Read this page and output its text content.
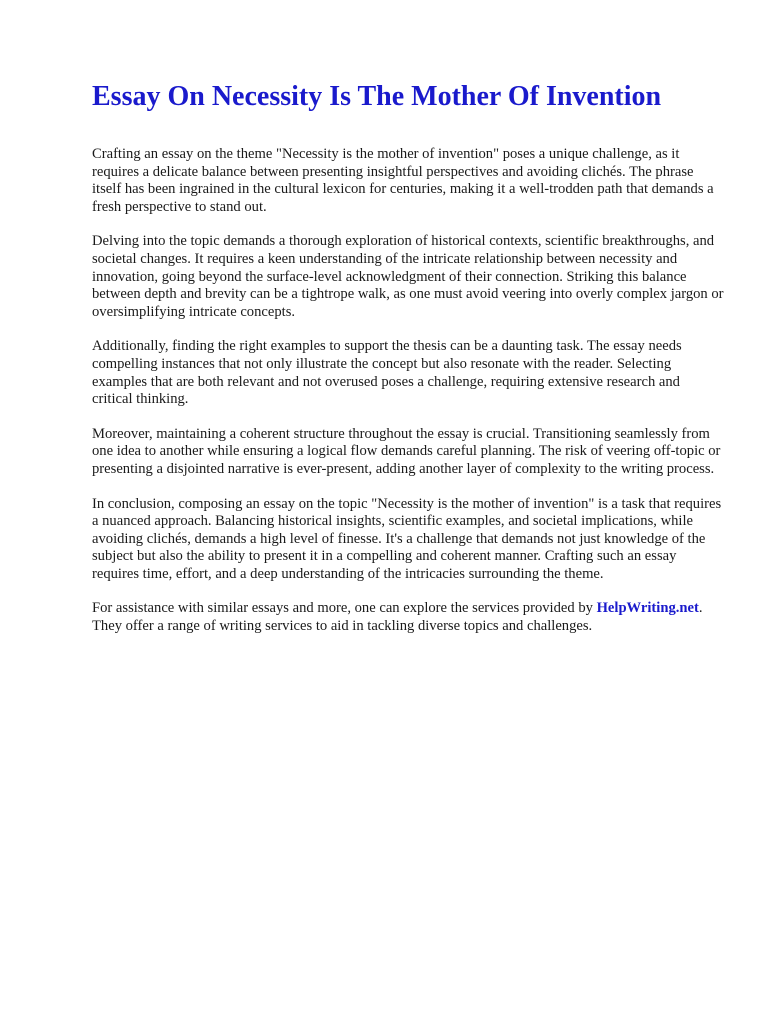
Essay On Necessity Is The Mother Of Invention

Crafting an essay on the theme "Necessity is the mother of invention" poses a unique challenge, as it requires a delicate balance between presenting insightful perspectives and avoiding clichés. The phrase itself has been ingrained in the cultural lexicon for centuries, making it a well-trodden path that demands a fresh perspective to stand out.

Delving into the topic demands a thorough exploration of historical contexts, scientific breakthroughs, and societal changes. It requires a keen understanding of the intricate relationship between necessity and innovation, going beyond the surface-level acknowledgment of their connection. Striking this balance between depth and brevity can be a tightrope walk, as one must avoid veering into overly complex jargon or oversimplifying intricate concepts.

Additionally, finding the right examples to support the thesis can be a daunting task. The essay needs compelling instances that not only illustrate the concept but also resonate with the reader. Selecting examples that are both relevant and not overused poses a challenge, requiring extensive research and critical thinking.

Moreover, maintaining a coherent structure throughout the essay is crucial. Transitioning seamlessly from one idea to another while ensuring a logical flow demands careful planning. The risk of veering off-topic or presenting a disjointed narrative is ever-present, adding another layer of complexity to the writing process.

In conclusion, composing an essay on the topic "Necessity is the mother of invention" is a task that requires a nuanced approach. Balancing historical insights, scientific examples, and societal implications, while avoiding clichés, demands a high level of finesse. It's a challenge that demands not just knowledge of the subject but also the ability to present it in a compelling and coherent manner. Crafting such an essay requires time, effort, and a deep understanding of the intricacies surrounding the theme.

For assistance with similar essays and more, one can explore the services provided by HelpWriting.net. They offer a range of writing services to aid in tackling diverse topics and challenges.
